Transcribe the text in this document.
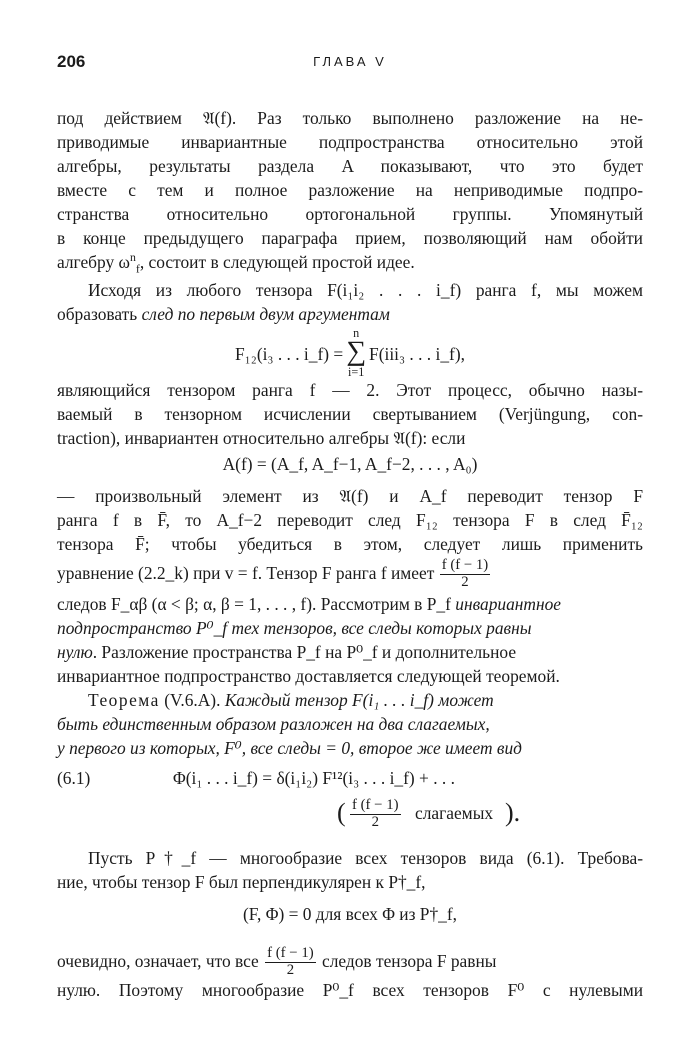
206	ГЛАВА V
под действием 𝔄(f). Раз только выполнено разложение на не-
приводимые инвариантные подпространства относительно этой
алгебры, результаты раздела A показывают, что это будет
вместе с тем и полное разложение на неприводимые подпро-
странства относительно ортогональной группы. Упомянутый
в конце предыдущего параграфа прием, позволяющий нам обойти
алгебру $\omega^n_f$, состоит в следующей простой идее.
Исходя из любого тензора F(i₁i₂ . . . i_f) ранга f, мы можем
образовать след по первым двум аргументам
F₁₂(i₃ . . . i_f) =
n
∑
i=1
F(iii₃ . . . i_f),
являющийся тензором ранга f — 2. Этот процесс, обычно назы-
ваемый в тензорном исчислении свертыванием (Verjüngung, con-
traction), инвариантен относительно алгебры 𝔄(f): если
A(f) = (A_f, A_f−1, A_f−2, . . . , A₀)
— произвольный элемент из 𝔄(f) и A_f переводит тензор F
ранга f в F̄, то A_f−2 переводит след F₁₂ тензора F в след F̄₁₂
тензора F̄; чтобы убедиться в этом, следует лишь применить
уравнение (2.2_k) при v = f. Тензор F ранга f имеет $\frac{f (f - 1)}{2}$
следов F_αβ (α < β; α, β = 1, . . . , f). Рассмотрим в P_f инвариантное
подпространство P⁰_f тех тензоров, все следы которых равны
нулю. Разложение пространства P_f на P⁰_f и дополнительное
инвариантное подпространство доставляется следующей теоремой.
Теорема (V.6.A). Каждый тензор F(i₁ . . . i_f) может
быть единственным образом разложен на два слагаемых,
у первого из которых, F⁰, все следы = 0, второе же имеет вид
(6.1)	Φ(i₁ . . . i_f) = δ(i₁i₂) F¹²(i₃ . . . i_f) + . . .
( $\frac{f (f - 1)}{2}$ слагаемых ).
Пусть P†_f — многообразие всех тензоров вида (6.1). Требова-
ние, чтобы тензор F был перпендикулярен к P†_f,
(F, Φ) = 0 для всех Φ из P†_f,
очевидно, означает, что все $\frac{f (f - 1)}{2}$ следов тензора F равны
нулю. Поэтому многообразие P⁰_f всех тензоров F⁰ с нулевыми
